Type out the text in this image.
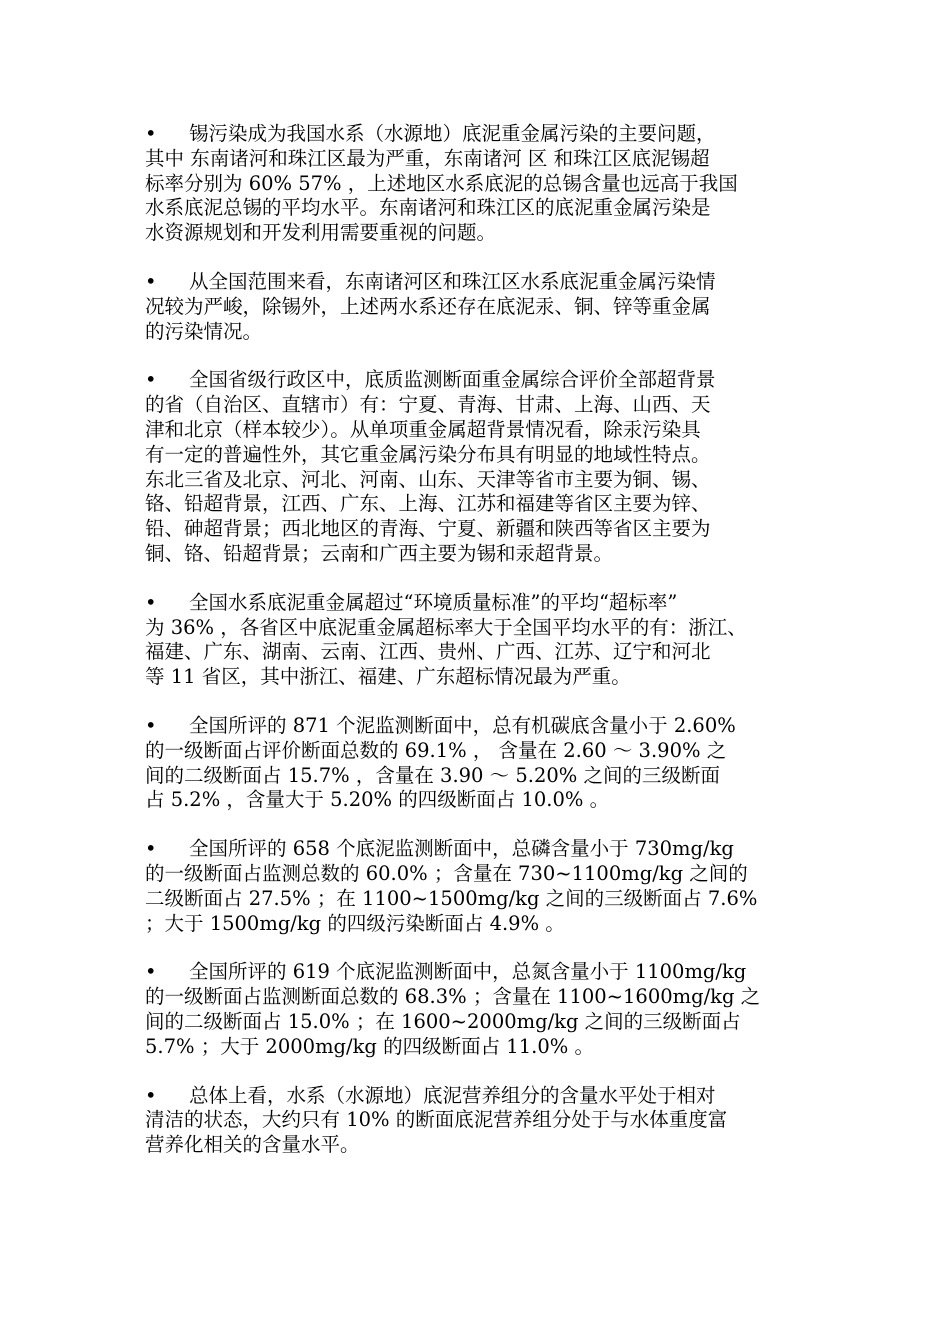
• 锡污染成为我国水系（水源地）底泥重金属污染的主要问题，
其中 东南诸河和珠江区最为严重，东南诸河 区 和珠江区底泥锡超
标率分别为 60% 57% ，上述地区水系底泥的总锡含量也远高于我国
水系底泥总锡的平均水平。东南诸河和珠江区的底泥重金属污染是
水资源规划和开发利用需要重视的问题。

• 从全国范围来看，东南诸河区和珠江区水系底泥重金属污染情
况较为严峻，除锡外，上述两水系还存在底泥汞、铜、锌等重金属
的污染情况。

• 全国省级行政区中，底质监测断面重金属综合评价全部超背景
的省（自治区、直辖市）有：宁夏、青海、甘肃、上海、山西、天
津和北京（样本较少）。从单项重金属超背景情况看，除汞污染具
有一定的普遍性外，其它重金属污染分布具有明显的地域性特点。
东北三省及北京、河北、河南、山东、天津等省市主要为铜、锡、
铬、铅超背景，江西、广东、上海、江苏和福建等省区主要为锌、
铅、砷超背景；西北地区的青海、宁夏、新疆和陕西等省区主要为
铜、铬、铅超背景；云南和广西主要为锡和汞超背景。

• 全国水系底泥重金属超过“环境质量标准”的平均“超标率”
为 36% ，各省区中底泥重金属超标率大于全国平均水平的有：浙江、
福建、广东、湖南、云南、江西、贵州、广西、江苏、辽宁和河北
等 11 省区，其中浙江、福建、广东超标情况最为严重。

• 全国所评的 871 个泥监测断面中，总有机碳底含量小于 2.60%
的一级断面占评价断面总数的 69.1% ， 含量在 2.60 ～ 3.90% 之
间的二级断面占 15.7% ，含量在 3.90 ～ 5.20% 之间的三级断面
占 5.2% ，含量大于 5.20% 的四级断面占 10.0% 。

• 全国所评的 658 个底泥监测断面中，总磷含量小于 730mg/kg
的一级断面占监测总数的 60.0% ；含量在 730~1100mg/kg 之间的
二级断面占 27.5% ；在 1100~1500mg/kg 之间的三级断面占 7.6%
；大于 1500mg/kg 的四级污染断面占 4.9% 。

• 全国所评的 619 个底泥监测断面中，总氮含量小于 1100mg/kg
的一级断面占监测断面总数的 68.3% ；含量在 1100~1600mg/kg 之
间的二级断面占 15.0% ；在 1600~2000mg/kg 之间的三级断面占
5.7% ；大于 2000mg/kg 的四级断面占 11.0% 。

• 总体上看，水系（水源地）底泥营养组分的含量水平处于相对
清洁的状态，大约只有 10% 的断面底泥营养组分处于与水体重度富
营养化相关的含量水平。
